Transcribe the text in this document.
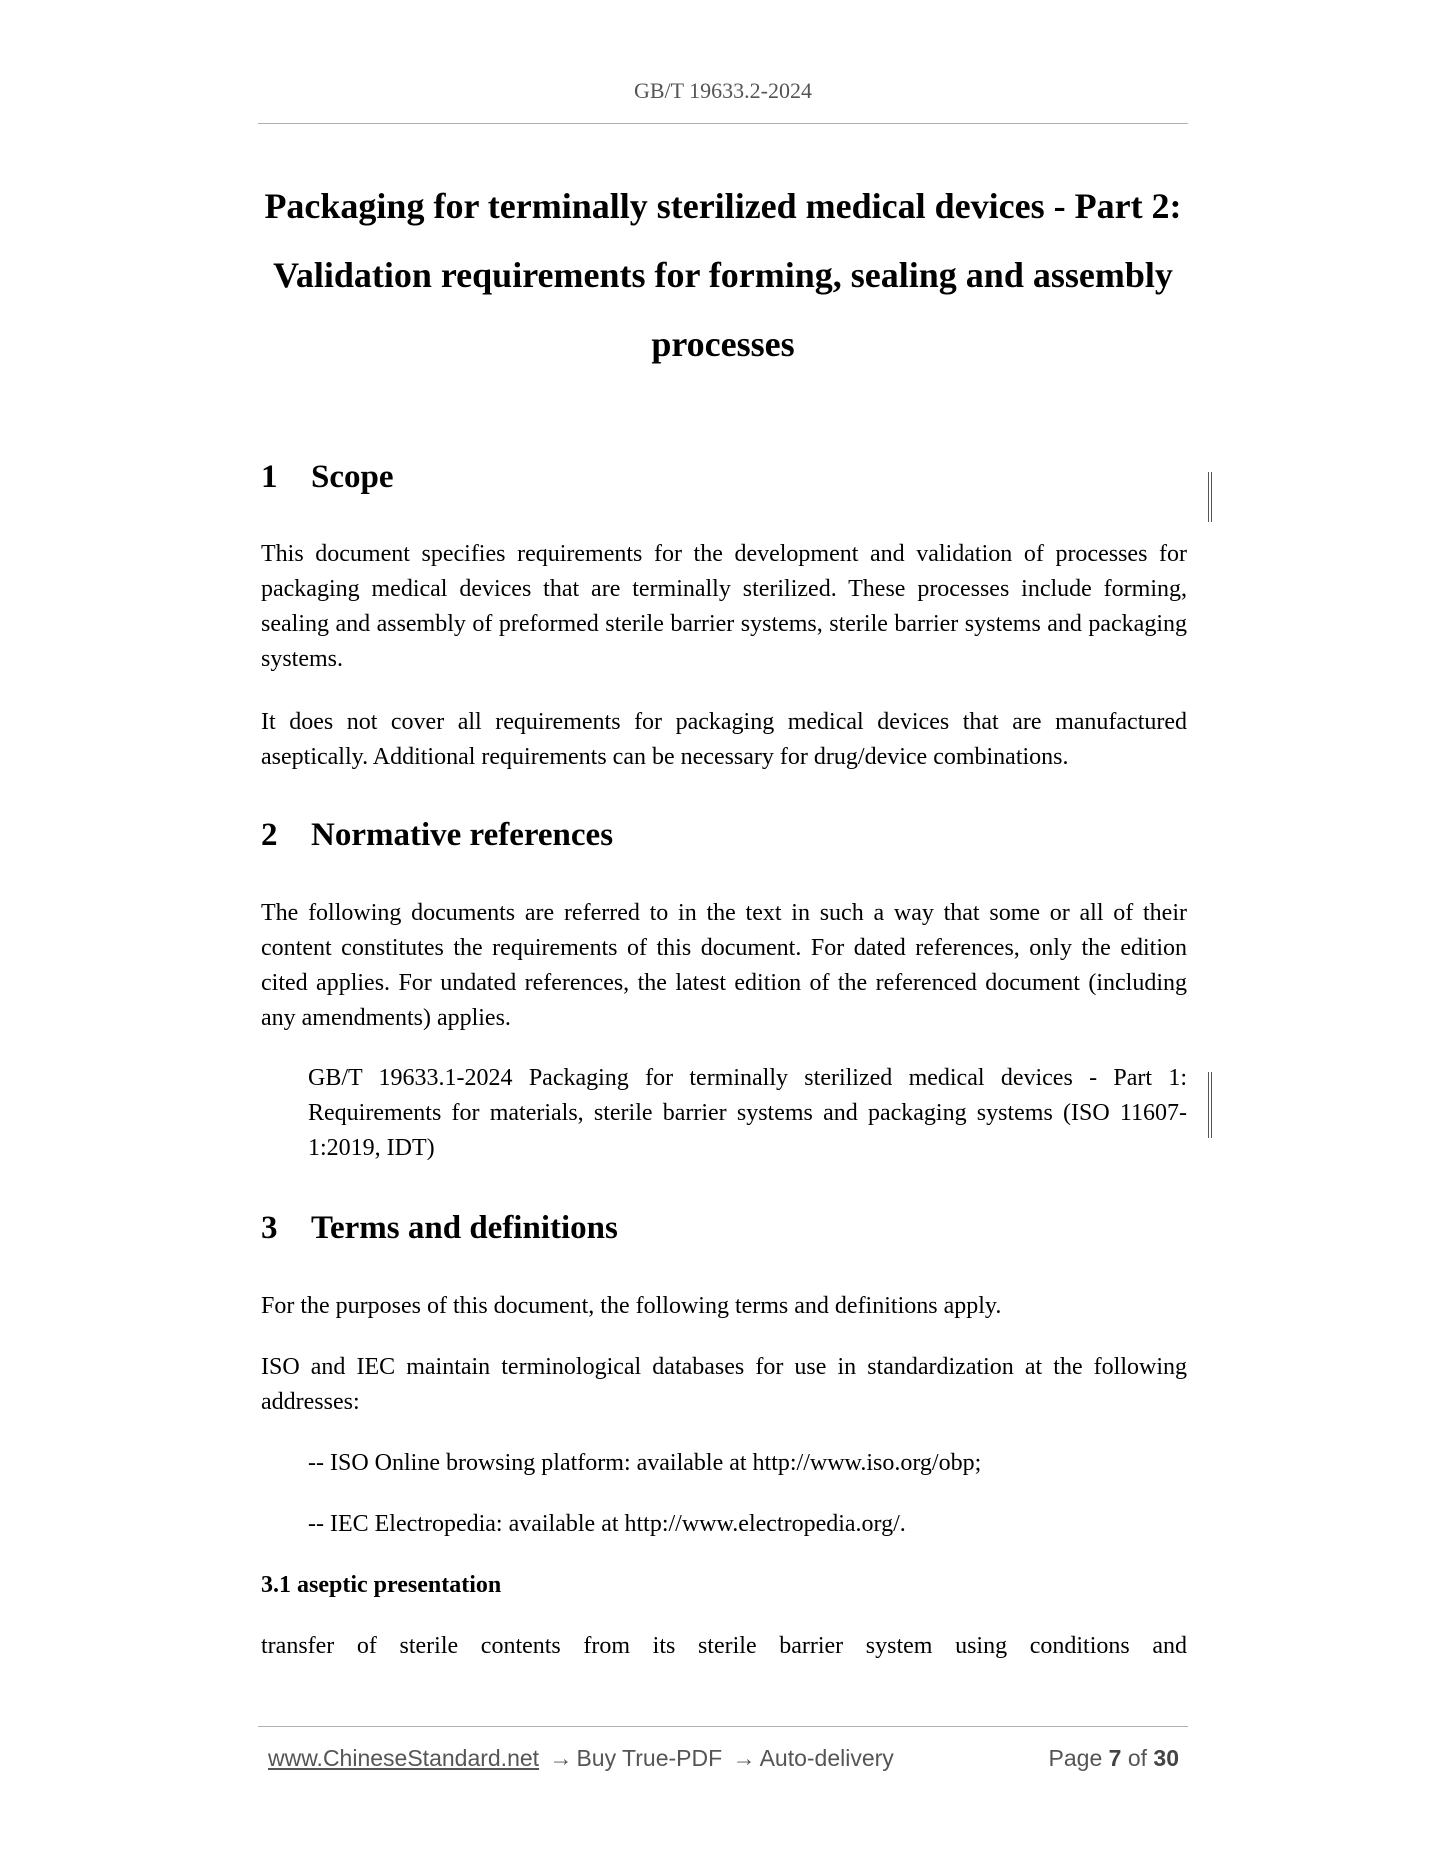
GB/T 19633.2-2024
Packaging for terminally sterilized medical devices - Part 2:
Validation requirements for forming, sealing and assembly
processes
1 Scope
This document specifies requirements for the development and validation of processes for packaging medical devices that are terminally sterilized. These processes include forming, sealing and assembly of preformed sterile barrier systems, sterile barrier systems and packaging systems.
It does not cover all requirements for packaging medical devices that are manufactured aseptically. Additional requirements can be necessary for drug/device combinations.
2 Normative references
The following documents are referred to in the text in such a way that some or all of their content constitutes the requirements of this document. For dated references, only the edition cited applies. For undated references, the latest edition of the referenced document (including any amendments) applies.
GB/T 19633.1-2024 Packaging for terminally sterilized medical devices - Part 1: Requirements for materials, sterile barrier systems and packaging systems (ISO 11607-1:2019, IDT)
3 Terms and definitions
For the purposes of this document, the following terms and definitions apply.
ISO and IEC maintain terminological databases for use in standardization at the following addresses:
-- ISO Online browsing platform: available at http://www.iso.org/obp;
-- IEC Electropedia: available at http://www.electropedia.org/.
3.1 aseptic presentation
transfer of sterile contents from its sterile barrier system using conditions and
www.ChineseStandard.net → Buy True-PDF → Auto-delivery	Page 7 of 30
